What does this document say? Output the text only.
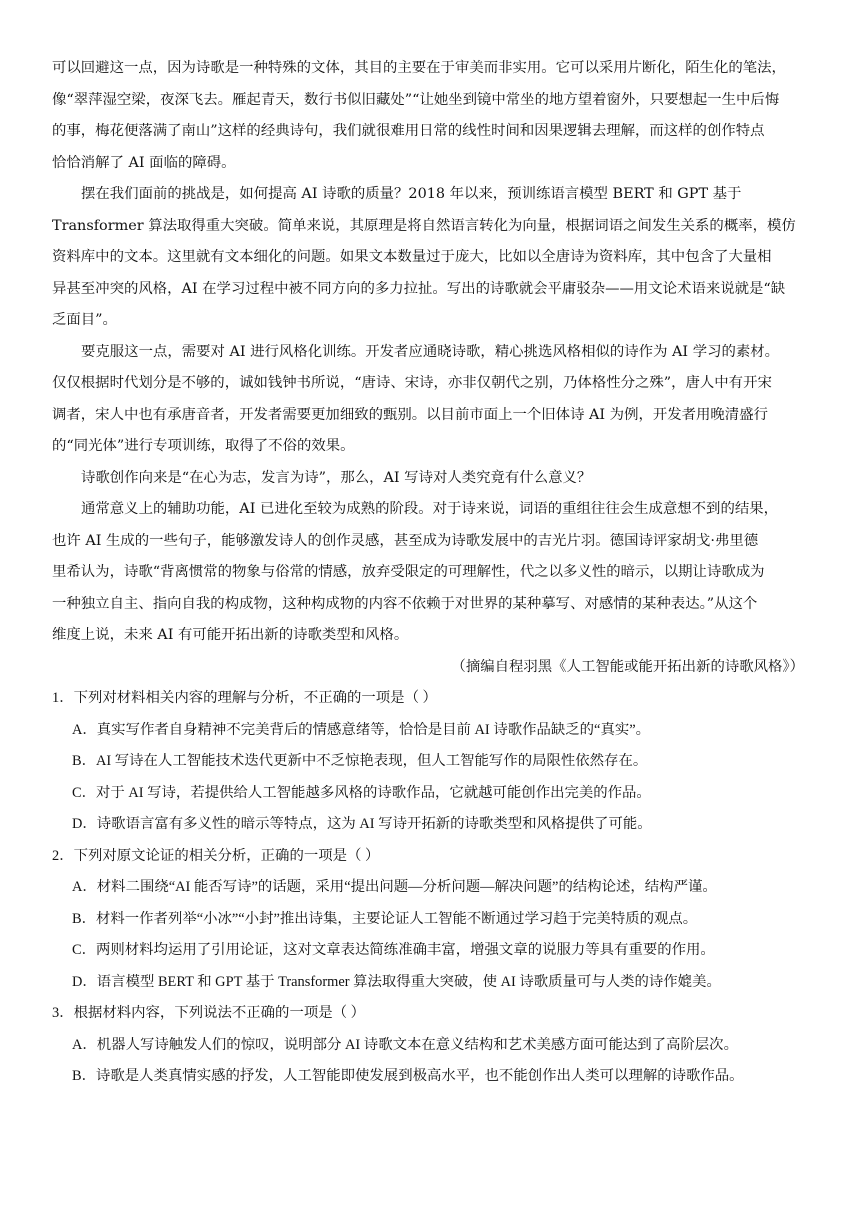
可以回避这一点，因为诗歌是一种特殊的文体，其目的主要在于审美而非实用。它可以采用片断化，陌生化的笔法，
像“翠萍湿空梁，夜深飞去。雁起青天，数行书似旧藏处”“让她坐到镜中常坐的地方望着窗外，只要想起一生中后悔
的事，梅花便落满了南山”这样的经典诗句，我们就很难用日常的线性时间和因果逻辑去理解，而这样的创作特点
恰恰消解了 AI 面临的障碍。
摆在我们面前的挑战是，如何提高 AI 诗歌的质量？2018 年以来，预训练语言模型 BERT 和 GPT 基于
Transformer 算法取得重大突破。简单来说，其原理是将自然语言转化为向量，根据词语之间发生关系的概率，模仿
资料库中的文本。这里就有文本细化的问题。如果文本数量过于庞大，比如以全唐诗为资料库，其中包含了大量相
异甚至冲突的风格，AI 在学习过程中被不同方向的多力拉扯。写出的诗歌就会平庸驳杂——用文论术语来说就是“缺
乏面目”。
要克服这一点，需要对 AI 进行风格化训练。开发者应通晓诗歌，精心挑选风格相似的诗作为 AI 学习的素材。
仅仅根据时代划分是不够的，诚如钱钟书所说，“唐诗、宋诗，亦非仅朝代之别，乃体格性分之殊”，唐人中有开宋
调者，宋人中也有承唐音者，开发者需要更加细致的甄别。以目前市面上一个旧体诗 AI 为例，开发者用晚清盛行
的“同光体”进行专项训练，取得了不俗的效果。
诗歌创作向来是“在心为志，发言为诗”，那么，AI 写诗对人类究竟有什么意义？
通常意义上的辅助功能，AI 已进化至较为成熟的阶段。对于诗来说，词语的重组往往会生成意想不到的结果，
也许 AI 生成的一些句子，能够激发诗人的创作灵感，甚至成为诗歌发展中的吉光片羽。德国诗评家胡戈·弗里德
里希认为，诗歌“背离惯常的物象与俗常的情感，放弃受限定的可理解性，代之以多义性的暗示，以期让诗歌成为
一种独立自主、指向自我的构成物，这种构成物的内容不依赖于对世界的某种摹写、对感情的某种表达。”从这个
维度上说，未来 AI 有可能开拓出新的诗歌类型和风格。
（摘编自程羽黑《人工智能或能开拓出新的诗歌风格》）
1．下列对材料相关内容的理解与分析，不正确的一项是（ ）
A．真实写作者自身精神不完美背后的情感意绪等，恰恰是目前 AI 诗歌作品缺乏的“真实”。
B．AI 写诗在人工智能技术迭代更新中不乏惊艳表现，但人工智能写作的局限性依然存在。
C．对于 AI 写诗，若提供给人工智能越多风格的诗歌作品，它就越可能创作出完美的作品。
D．诗歌语言富有多义性的暗示等特点，这为 AI 写诗开拓新的诗歌类型和风格提供了可能。
2．下列对原文论证的相关分析，正确的一项是（ ）
A．材料二围绕“AI 能否写诗”的话题，采用“提出问题—分析问题—解决问题”的结构论述，结构严谨。
B．材料一作者列举“小冰”“小封”推出诗集，主要论证人工智能不断通过学习趋于完美特质的观点。
C．两则材料均运用了引用论证，这对文章表达简练准确丰富，增强文章的说服力等具有重要的作用。
D．语言模型 BERT 和 GPT 基于 Transformer 算法取得重大突破，使 AI 诗歌质量可与人类的诗作媲美。
3．根据材料内容，下列说法不正确的一项是（ ）
A．机器人写诗触发人们的惊叹，说明部分 AI 诗歌文本在意义结构和艺术美感方面可能达到了高阶层次。
B．诗歌是人类真情实感的抒发，人工智能即使发展到极高水平，也不能创作出人类可以理解的诗歌作品。
